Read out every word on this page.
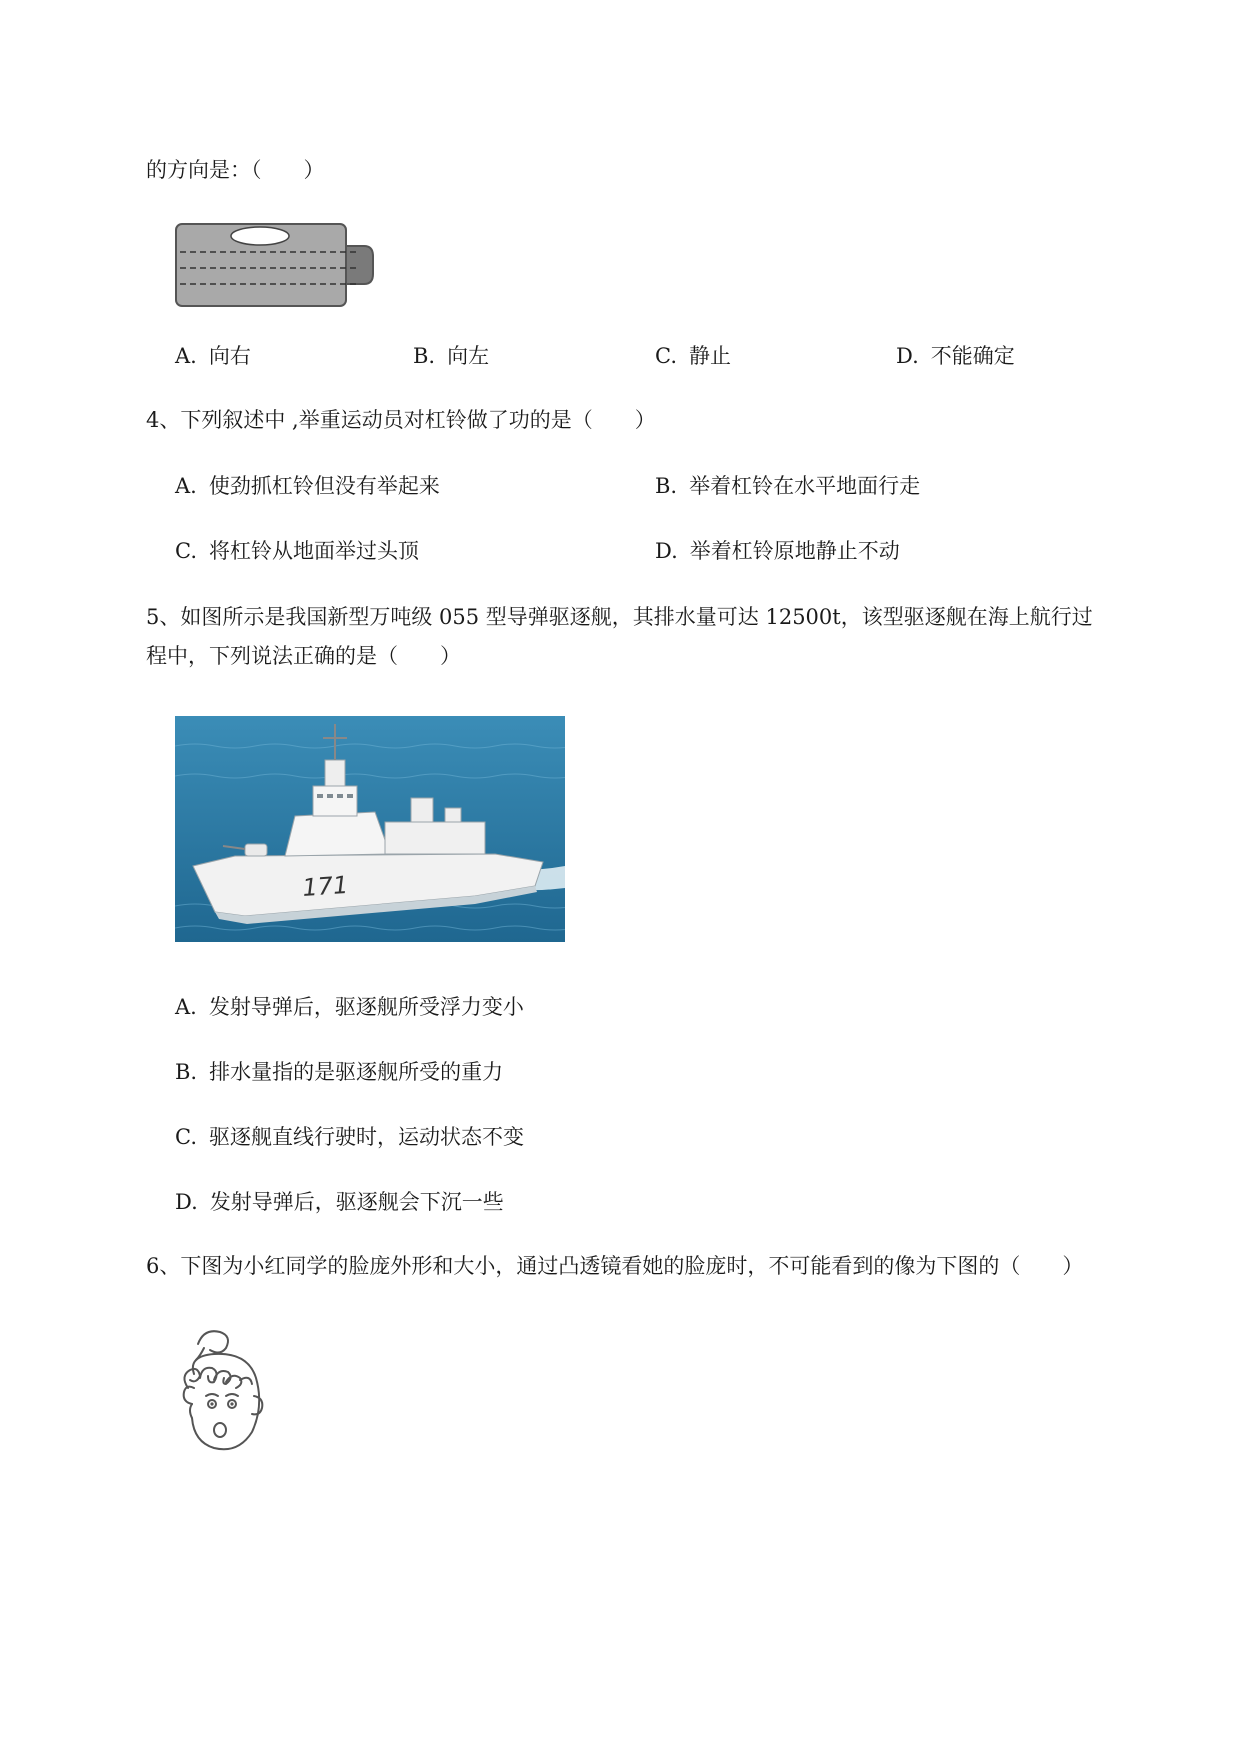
的方向是：（　　）
A. 向右	B. 向左	C. 静止	D. 不能确定
4、下列叙述中 ,举重运动员对杠铃做了功的是（　　）
A. 使劲抓杠铃但没有举起来	B. 举着杠铃在水平地面行走
C. 将杠铃从地面举过头顶	D. 举着杠铃原地静止不动
5、如图所示是我国新型万吨级 055 型导弹驱逐舰，其排水量可达 12500t，该型驱逐舰在海上航行过
程中，下列说法正确的是（　　）
171
A. 发射导弹后，驱逐舰所受浮力变小
B. 排水量指的是驱逐舰所受的重力
C. 驱逐舰直线行驶时，运动状态不变
D. 发射导弹后，驱逐舰会下沉一些
6、下图为小红同学的脸庞外形和大小，通过凸透镜看她的脸庞时，不可能看到的像为下图的（　　）
